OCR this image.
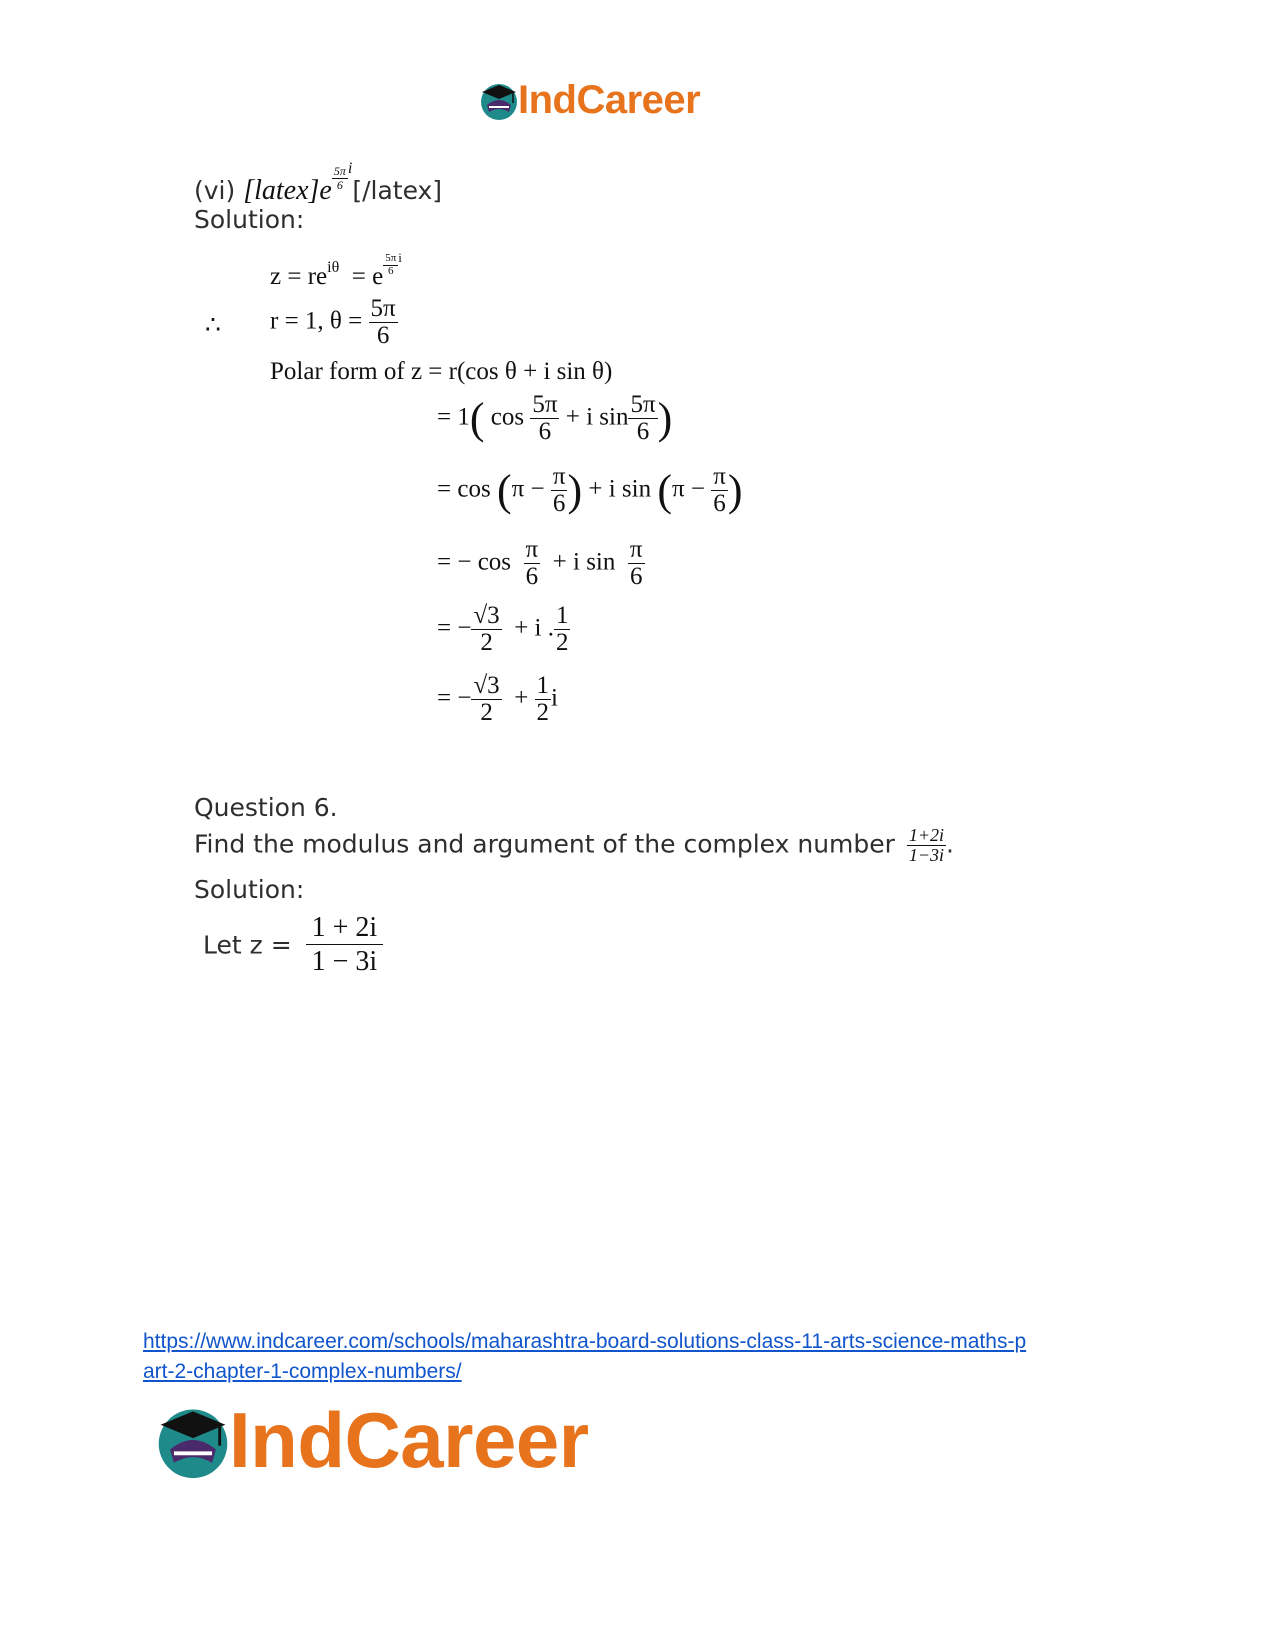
IndCareer
(vi) [latex]e $\frac{5\pi}{6}$ i[/latex]
Solution:
$z = re^{i\theta} = e \frac{5\pi}{6}$ i
∴ r = 1, $\theta = \frac{5\pi}{6}$
Polar form of z = r(cos θ + i sin θ)
= 1( $\cos \frac{5\pi}{6} + i$ $\sin \frac{5\pi}{6}$ )
= $\cos (\pi - \frac{\pi}{6}$ ) + i $\sin (\pi - \frac{\pi}{6}$ )
= − $\cos \frac{\pi}{6} + i$ $\sin \frac{\pi}{6}$
= − $\frac{√3}{2} + i$ . $\frac{1}{2}$
= − $\frac{√3}{2} + \frac{1}{2}$ i
Question 6.
Find the modulus and argument of the complex number $\frac{1+2i}{1-3i}$ .
Solution:
Let $z = \frac{1 + 2i}{1 - 3i}$
https://www.indcareer.com/schools/maharashtra-board-solutions-class-11-arts-science-maths-p
art-2-chapter-1-complex-numbers/
IndCareer
